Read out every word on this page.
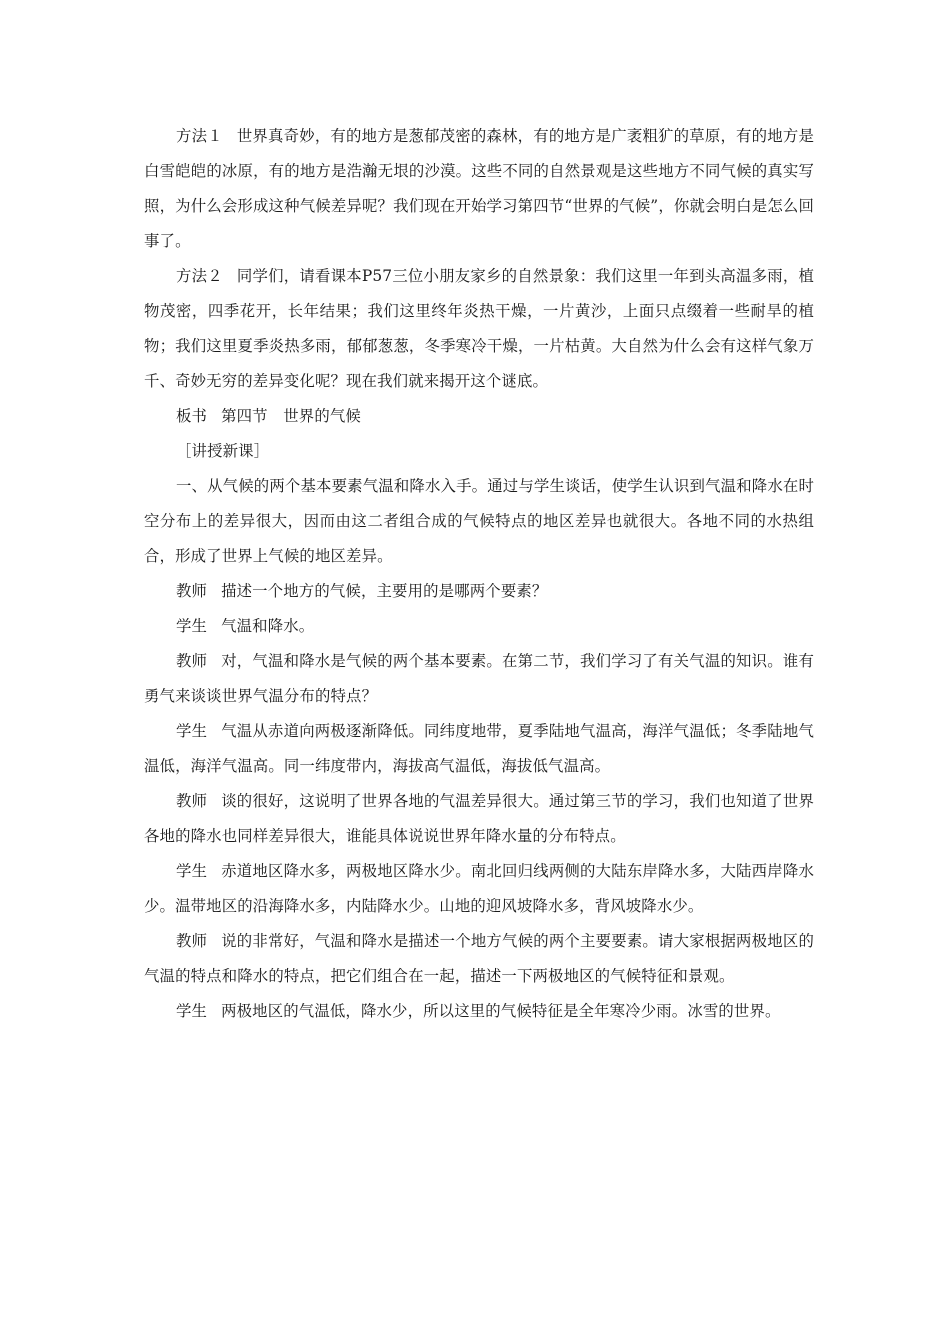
方法１ 世界真奇妙，有的地方是葱郁茂密的森林，有的地方是广袤粗犷的草原，有的地方是白雪皑皑的冰原，有的地方是浩瀚无垠的沙漠。这些不同的自然景观是这些地方不同气候的真实写照，为什么会形成这种气候差异呢？我们现在开始学习第四节“世界的气候”，你就会明白是怎么回事了。

方法２ 同学们，请看课本P57三位小朋友家乡的自然景象：我们这里一年到头高温多雨，植物茂密，四季花开，长年结果；我们这里终年炎热干燥，一片黄沙，上面只点缀着一些耐旱的植物；我们这里夏季炎热多雨，郁郁葱葱，冬季寒冷干燥，一片枯黄。大自然为什么会有这样气象万千、奇妙无穷的差异变化呢？现在我们就来揭开这个谜底。

板书 第四节　世界的气候

［讲授新课］

一、从气候的两个基本要素气温和降水入手。通过与学生谈话，使学生认识到气温和降水在时空分布上的差异很大，因而由这二者组合成的气候特点的地区差异也就很大。各地不同的水热组合，形成了世界上气候的地区差异。

教师 描述一个地方的气候，主要用的是哪两个要素？

学生 气温和降水。

教师 对，气温和降水是气候的两个基本要素。在第二节，我们学习了有关气温的知识。谁有勇气来谈谈世界气温分布的特点？

学生 气温从赤道向两极逐渐降低。同纬度地带，夏季陆地气温高，海洋气温低；冬季陆地气温低，海洋气温高。同一纬度带内，海拔高气温低，海拔低气温高。

教师 谈的很好，这说明了世界各地的气温差异很大。通过第三节的学习，我们也知道了世界各地的降水也同样差异很大，谁能具体说说世界年降水量的分布特点。

学生 赤道地区降水多，两极地区降水少。南北回归线两侧的大陆东岸降水多，大陆西岸降水少。温带地区的沿海降水多，内陆降水少。山地的迎风坡降水多，背风坡降水少。

教师 说的非常好，气温和降水是描述一个地方气候的两个主要要素。请大家根据两极地区的气温的特点和降水的特点，把它们组合在一起，描述一下两极地区的气候特征和景观。

学生 两极地区的气温低，降水少，所以这里的气候特征是全年寒冷少雨。冰雪的世界。
